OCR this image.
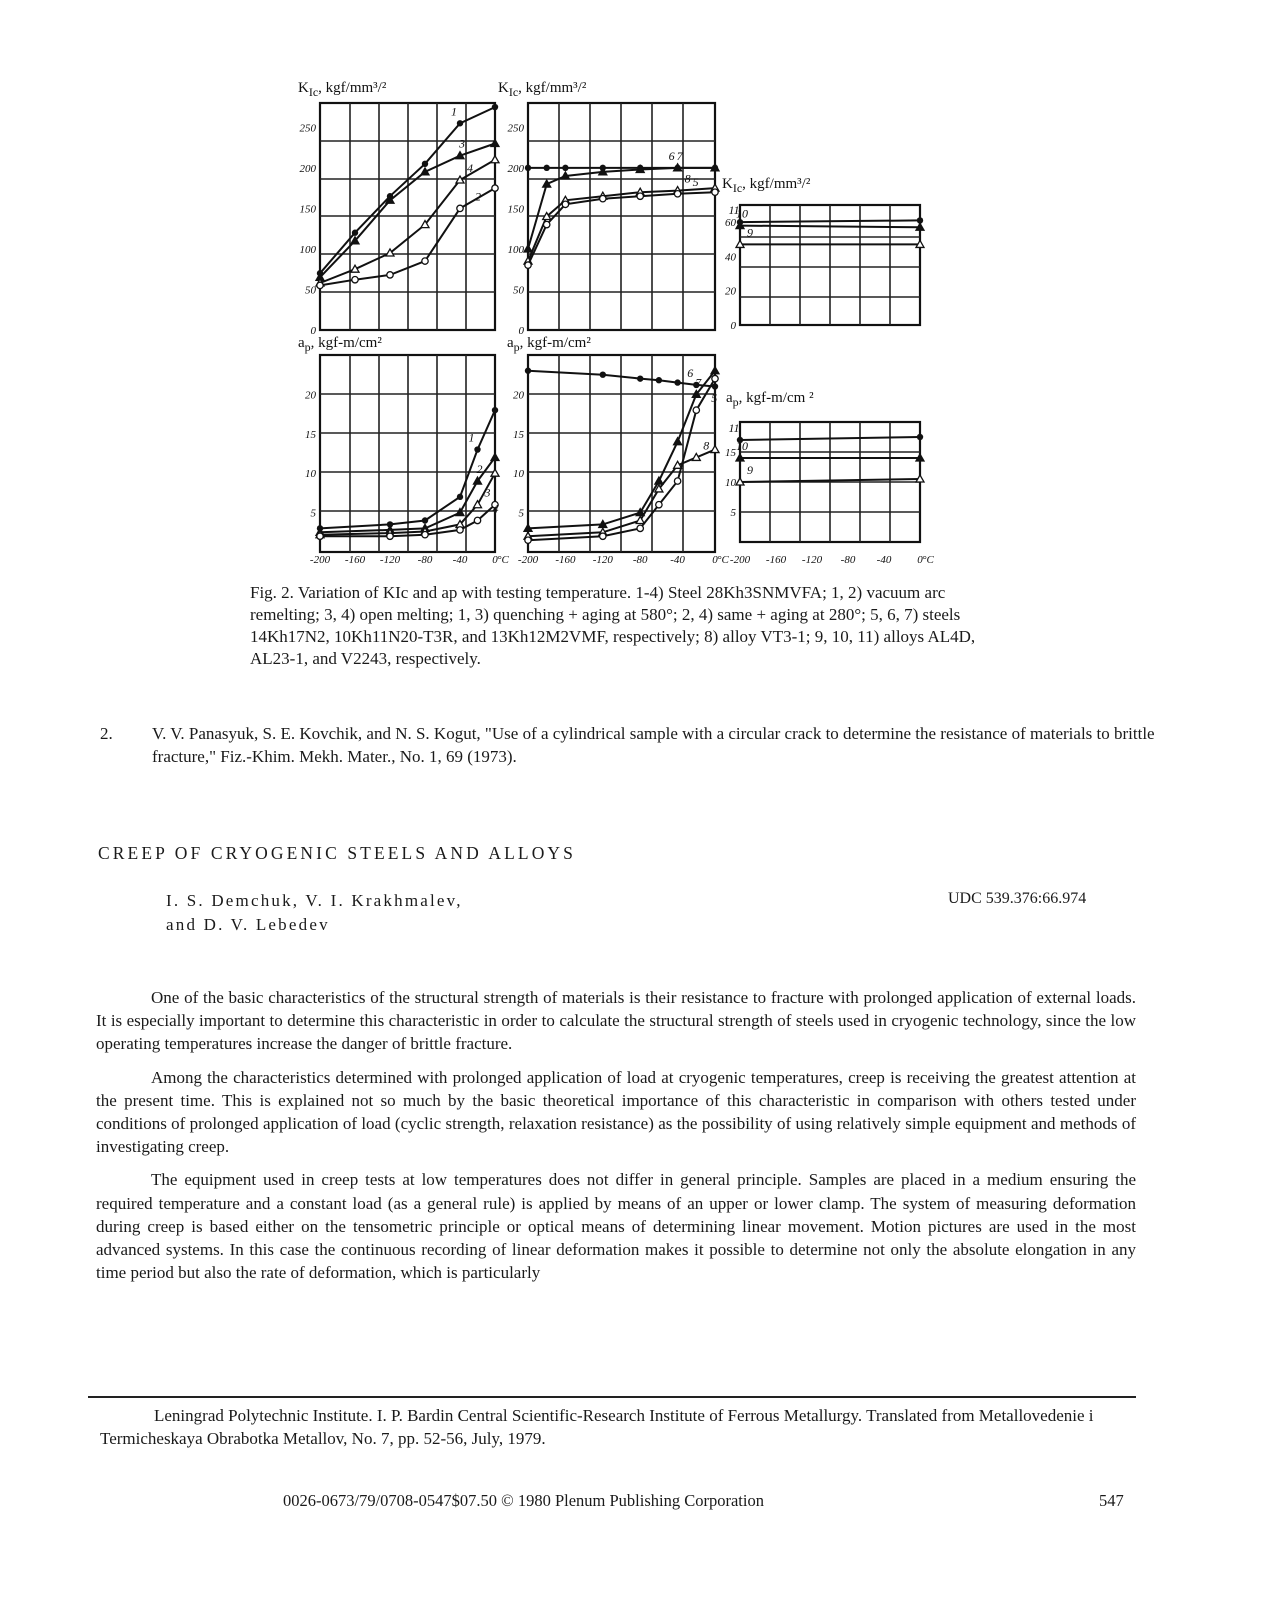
$K_{Ic}$, kgf/mm³/²
250
200
150
100
50
0
$K_{Ic}$, kgf/mm³/²
250
200
150
100
50
0
$K_{Ic}$, kgf/mm³/²
60
40
20
0
$a_p$, kgf-m/cm²
20
15
10
5
$a_p$, kgf-m/cm²
20
15
10
5
$a_p$, kgf-m/cm ²
15
10
5
-200 -160 -120 -80 -40 0 °C -200 -160 -120 -80 -40 0 °C -200 -160 -120 -80 -40 0 °C
1
3
4
2
6 7
8 5
11
10
9
1
2
3
4
6
7
8
5
11
10
9
Fig. 2. Variation of KIc and ap with testing temperature. 1-4) Steel 28Kh3SNMVFA; 1, 2) vacuum arc remelting; 3, 4) open melting; 1, 3) quenching + aging at 580°; 2, 4) same + aging at 280°; 5, 6, 7) steels 14Kh17N2, 10Kh11N20-T3R, and 13Kh12M2VMF, respectively; 8) alloy VT3-1; 9, 10, 11) alloys AL4D, AL23-1, and V2243, respectively.
2. V. V. Panasyuk, S. E. Kovchik, and N. S. Kogut, "Use of a cylindrical sample with a circular crack to determine the resistance of materials to brittle fracture," Fiz.-Khim. Mekh. Mater., No. 1, 69 (1973).
CREEP OF CRYOGENIC STEELS AND ALLOYS
I. S. Demchuk, V. I. Krakhmalev,
and D. V. Lebedev
UDC 539.376:66.974

One of the basic characteristics of the structural strength of materials is their resistance to fracture with prolonged application of external loads. It is especially important to determine this characteristic in order to calculate the structural strength of steels used in cryogenic technology, since the low operating temperatures increase the danger of brittle fracture.

Among the characteristics determined with prolonged application of load at cryogenic temperatures, creep is receiving the greatest attention at the present time. This is explained not so much by the basic theoretical importance of this characteristic in comparison with others tested under conditions of prolonged application of load (cyclic strength, relaxation resistance) as the possibility of using relatively simple equipment and methods of investigating creep.

The equipment used in creep tests at low temperatures does not differ in general principle. Samples are placed in a medium ensuring the required temperature and a constant load (as a general rule) is applied by means of an upper or lower clamp. The system of measuring deformation during creep is based either on the tensometric principle or optical means of determining linear movement. Motion pictures are used in the most advanced systems. In this case the continuous recording of linear deformation makes it possible to determine not only the absolute elongation in any time period but also the rate of deformation, which is particularly

Leningrad Polytechnic Institute. I. P. Bardin Central Scientific-Research Institute of Ferrous Metallurgy. Translated from Metallovedenie i Termicheskaya Obrabotka Metallov, No. 7, pp. 52-56, July, 1979.

0026-0673/79/0708-0547$07.50 © 1980 Plenum Publishing Corporation	547
